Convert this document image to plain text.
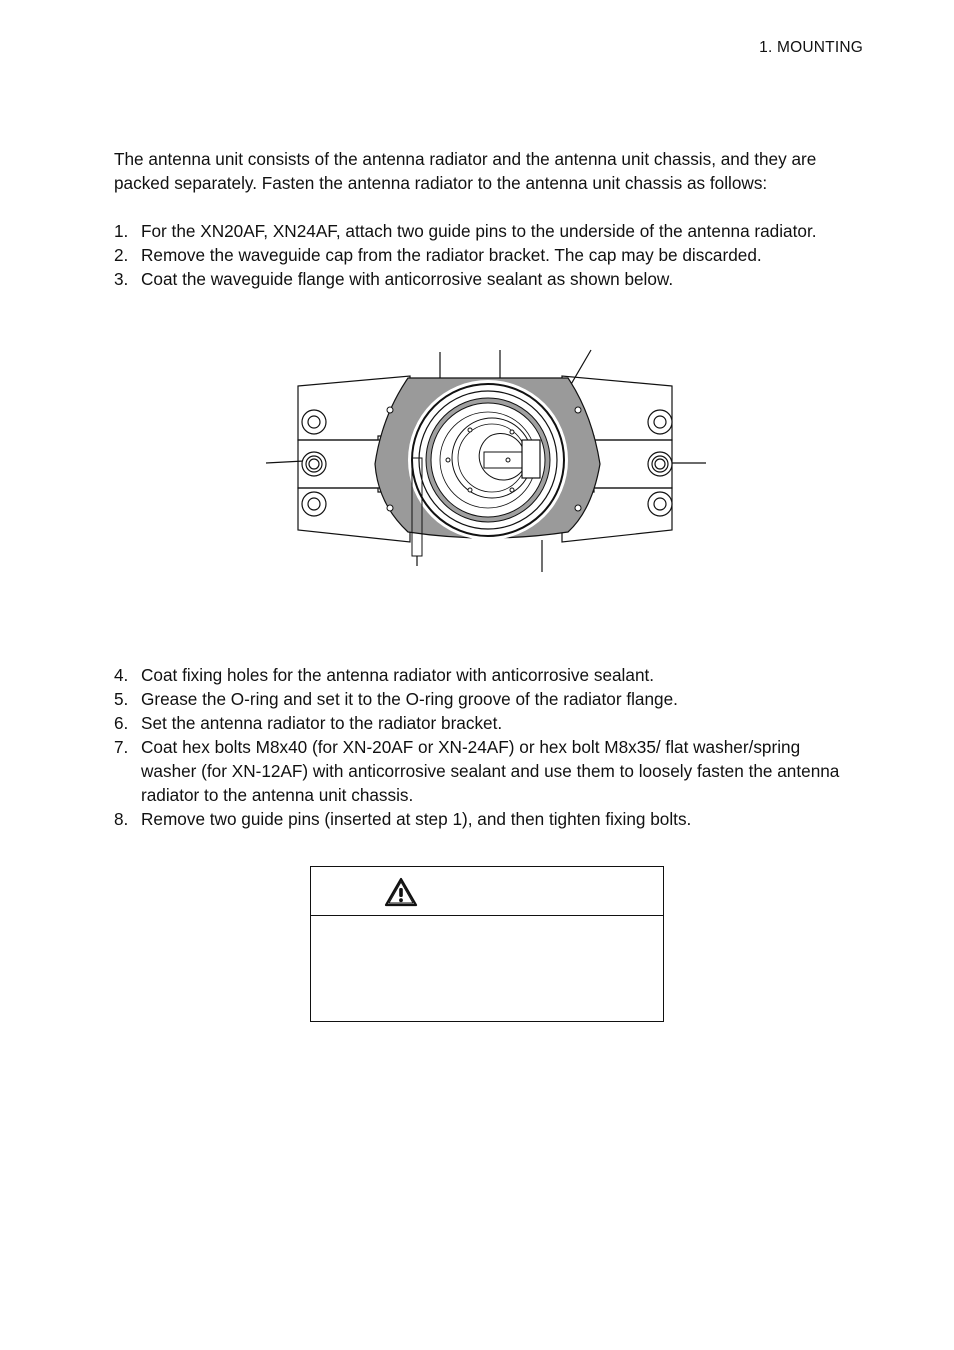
1. MOUNTING

The antenna unit consists of the antenna radiator and the antenna unit chassis, and they are packed separately. Fasten the antenna radiator to the antenna unit chassis as follows:

1. For the XN20AF, XN24AF, attach two guide pins to the underside of the antenna radiator.
2. Remove the waveguide cap from the radiator bracket. The cap may be discarded.
3. Coat the waveguide flange with anticorrosive sealant as shown below.
4. Coat fixing holes for the antenna radiator with anticorrosive sealant.
5. Grease the O-ring and set it to the O-ring groove of the radiator flange.
6. Set the antenna radiator to the radiator bracket.
7. Coat hex bolts M8x40 (for XN-20AF or XN-24AF) or hex bolt M8x35/ flat washer/spring washer (for XN-12AF) with anticorrosive sealant and use them to loosely fasten the antenna radiator to the antenna unit chassis.
8. Remove two guide pins (inserted at step 1), and then tighten fixing bolts.
